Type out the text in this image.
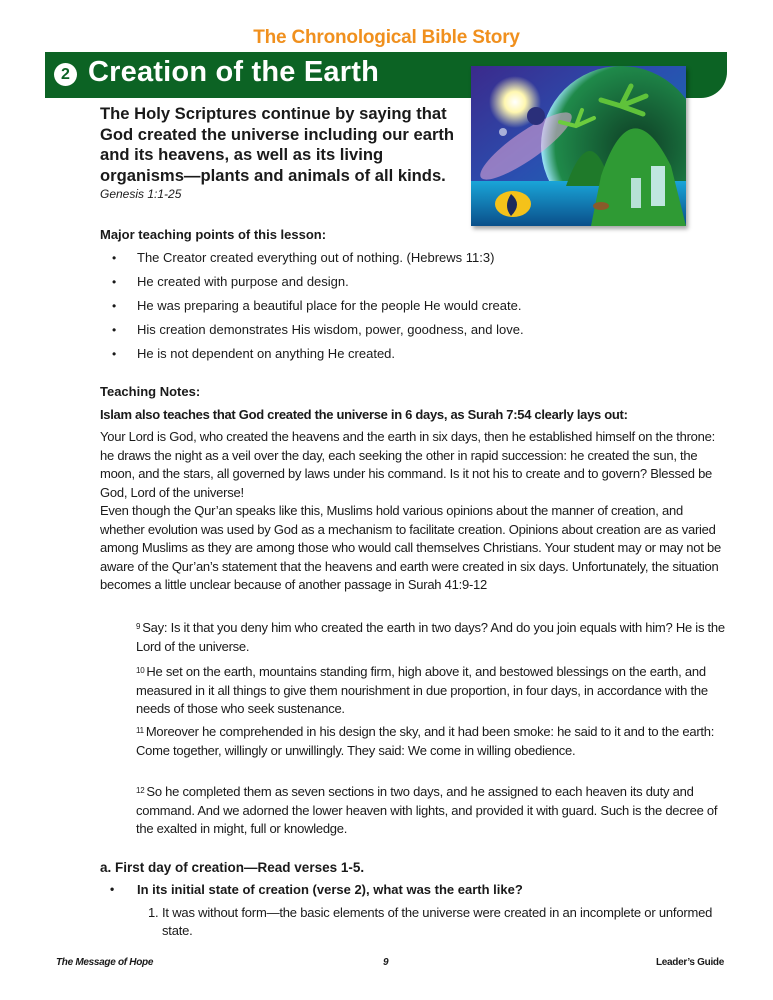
The Chronological Bible Story
2 Creation of the Earth
The Holy Scriptures continue by saying that God created the universe including our earth and its heavens, as well as its living organisms—plants and animals of all kinds.
Genesis 1:1-25
Major teaching points of this lesson:
• The Creator created everything out of nothing. (Hebrews 11:3)
• He created with purpose and design.
• He was preparing a beautiful place for the people He would create.
• His creation demonstrates His wisdom, power, goodness, and love.
• He is not dependent on anything He created.
Teaching Notes:
Islam also teaches that God created the universe in 6 days, as Surah 7:54 clearly lays out:
Your Lord is God, who created the heavens and the earth in six days, then he established himself on the throne: he draws the night as a veil over the day, each seeking the other in rapid succession: he created the sun, the moon, and the stars, all governed by laws under his command. Is it not his to create and to govern? Blessed be God, Lord of the universe!
Even though the Qur’an speaks like this, Muslims hold various opinions about the manner of creation, and whether evolution was used by God as a mechanism to facilitate creation. Opinions about creation are as varied among Muslims as they are among those who would call themselves Christians. Your student may or may not be aware of the Qur’an’s statement that the heavens and earth were created in six days. Unfortunately, the situation becomes a little unclear because of another passage in Surah 41:9-12
$^9$ Say: Is it that you deny him who created the earth in two days? And do you join equals with him? He is the Lord of the universe.
$^{10}$ He set on the earth, mountains standing firm, high above it, and bestowed blessings on the earth, and measured in it all things to give them nourishment in due proportion, in four days, in accordance with the needs of those who seek sustenance.
$^{11}$ Moreover he comprehended in his design the sky, and it had been smoke: he said to it and to the earth: Come together, willingly or unwillingly. They said: We come in willing obedience.
$^{12}$ So he completed them as seven sections in two days, and he assigned to each heaven its duty and command. And we adorned the lower heaven with lights, and provided it with guard. Such is the decree of the exalted in might, full or knowledge.
a. First day of creation—Read verses 1-5.
• In its initial state of creation (verse 2), what was the earth like?
1. It was without form—the basic elements of the universe were created in an incomplete or unformed state.
The Message of Hope	9	Leader’s Guide
